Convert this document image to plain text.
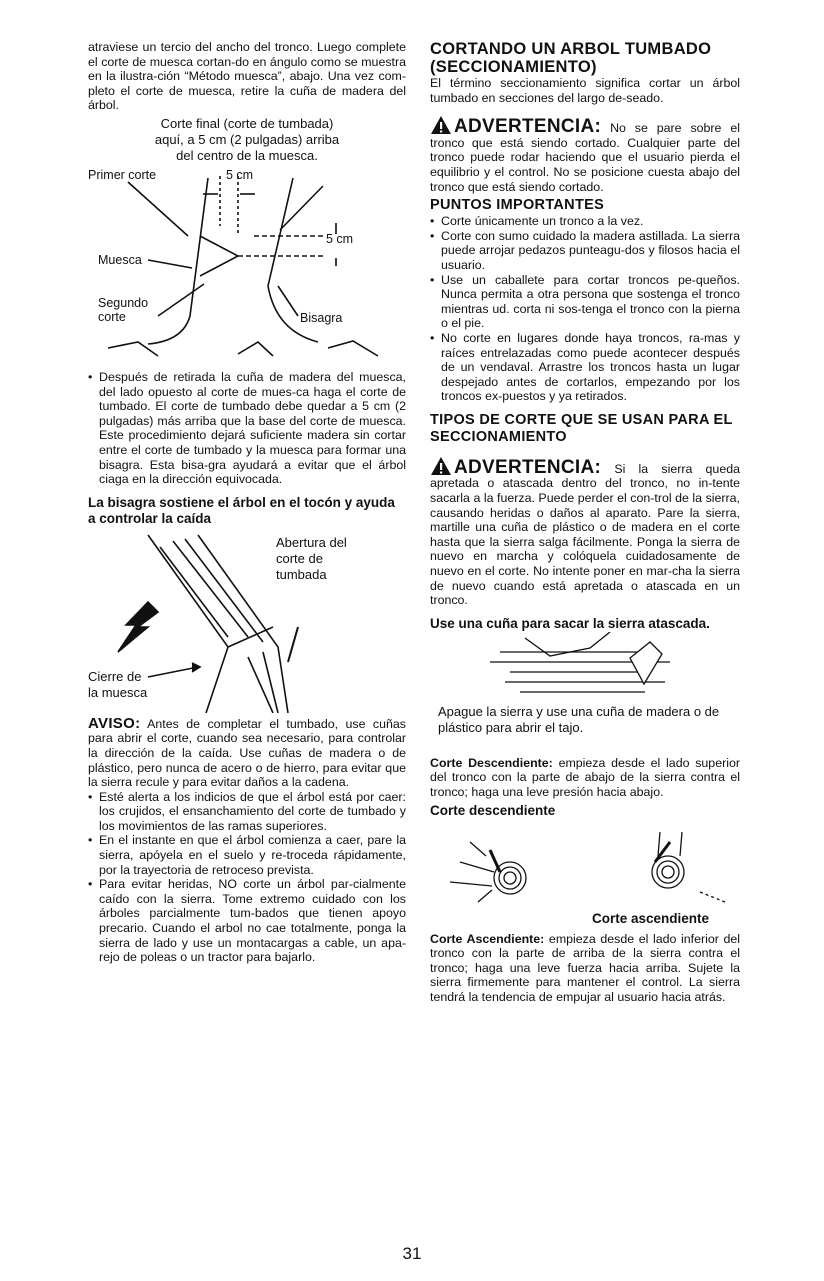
atraviese un tercio del ancho del tronco. Luego complete el corte de muesca cortan-do en ángulo como se muestra en la ilustra-ción “Método muesca”, abajo. Una vez com-pleto el corte de muesca, retire la cuña de madera del árbol.

Corte final (corte de tumbada)
aquí, a 5 cm (2 pulgadas) arriba
del centro de la muesca.
Primer corte	5 cm
5 cm
Muesca
Segundo
corte	Bisagra
• Después de retirada la cuña de madera del muesca, del lado opuesto al corte de mues-ca haga el corte de tumbado. El corte de tumbado debe quedar a 5 cm (2 pulgadas) más arriba que la base del corte de muesca. Este procedimiento dejará suficiente madera sin cortar entre el corte de tumbado y la muesca para formar una bisagra. Esta bisa-gra ayudará a evitar que el árbol ciaga en la dirección equivocada.
La bisagra sostiene el árbol en el tocón y ayuda a controlar la caída
Abertura del
corte de
tumbada
Cierre de
la muesca

AVISO: Antes de completar el tumbado, use cuñas para abrir el corte, cuando sea necesario, para controlar la dirección de la caída. Use cuñas de madera o de plástico, pero nunca de acero o de hierro, para evitar que la sierra recule y para evitar daños a la cadena.

• Esté alerta a los indicios de que el árbol está por caer: los crujidos, el ensanchamiento del corte de tumbado y los movimientos de las ramas superiores.
• En el instante en que el árbol comienza a caer, pare la sierra, apóyela en el suelo y re-troceda rápidamente, por la trayectoria de retroceso prevista.
• Para evitar heridas, NO corte un árbol par-cialmente caído con la sierra. Tome extremo cuidado con los árboles parcialmente tum-bados que tienen apoyo precario. Cuando el arbol no cae totalmente, ponga la sierra de lado y use un montacargas a cable, un apa-rejo de poleas o un tractor para bajarlo.
CORTANDO UN ARBOL TUMBADO (SECCIONAMIENTO)

El término seccionamiento significa cortar un árbol tumbado en secciones del largo de-seado.

ADVERTENCIA: No se pare sobre el tronco que está siendo cortado. Cualquier parte del tronco puede rodar haciendo que el usuario pierda el equilibrio y el control. No se posicione cuesta abajo del tronco que está siendo cortado.

PUNTOS IMPORTANTES
• Corte únicamente un tronco a la vez.
• Corte con sumo cuidado la madera astillada. La sierra puede arrojar pedazos punteagu-dos y filosos hacia el usuario.
• Use un caballete para cortar troncos pe-queños. Nunca permita a otra persona que sostenga el tronco mientras ud. corta ni sos-tenga el tronco con la pierna o el pie.
• No corte en lugares donde haya troncos, ra-mas y raíces entrelazadas como puede acontecer después de un vendaval. Arrastre los troncos hasta un lugar despejado antes de cortarlos, empezando por los troncos ex-puestos y ya retirados.
TIPOS DE CORTE QUE SE USAN PARA EL SECCIONAMIENTO

ADVERTENCIA: Si la sierra queda apretada o atascada dentro del tronco, no in-tente sacarla a la fuerza. Puede perder el con-trol de la sierra, causando heridas o daños al aparato. Pare la sierra, martille una cuña de plástico o de madera en el corte hasta que la sierra salga fácilmente. Ponga la sierra de nuevo en marcha y colóquela cuidadosamente de nuevo en el corte. No intente poner en mar-cha la sierra de nuevo cuando está apretada o atascada en un tronco.

Use una cuña para sacar la sierra atascada.

Apague la sierra y use una cuña de madera o de plástico para abrir el tajo.

Corte Descendiente: empieza desde el lado superior del tronco con la parte de abajo de la sierra contra el tronco; haga una leve presión hacia abajo.

Corte descendiente
Corte ascendiente

Corte Ascendiente: empieza desde el lado inferior del tronco con la parte de arriba de la sierra contra el tronco; haga una leve fuerza hacia arriba. Sujete la sierra firmemente para mantener el control. La sierra tendrá la tendencia de empujar al usuario hacia atrás.

31
